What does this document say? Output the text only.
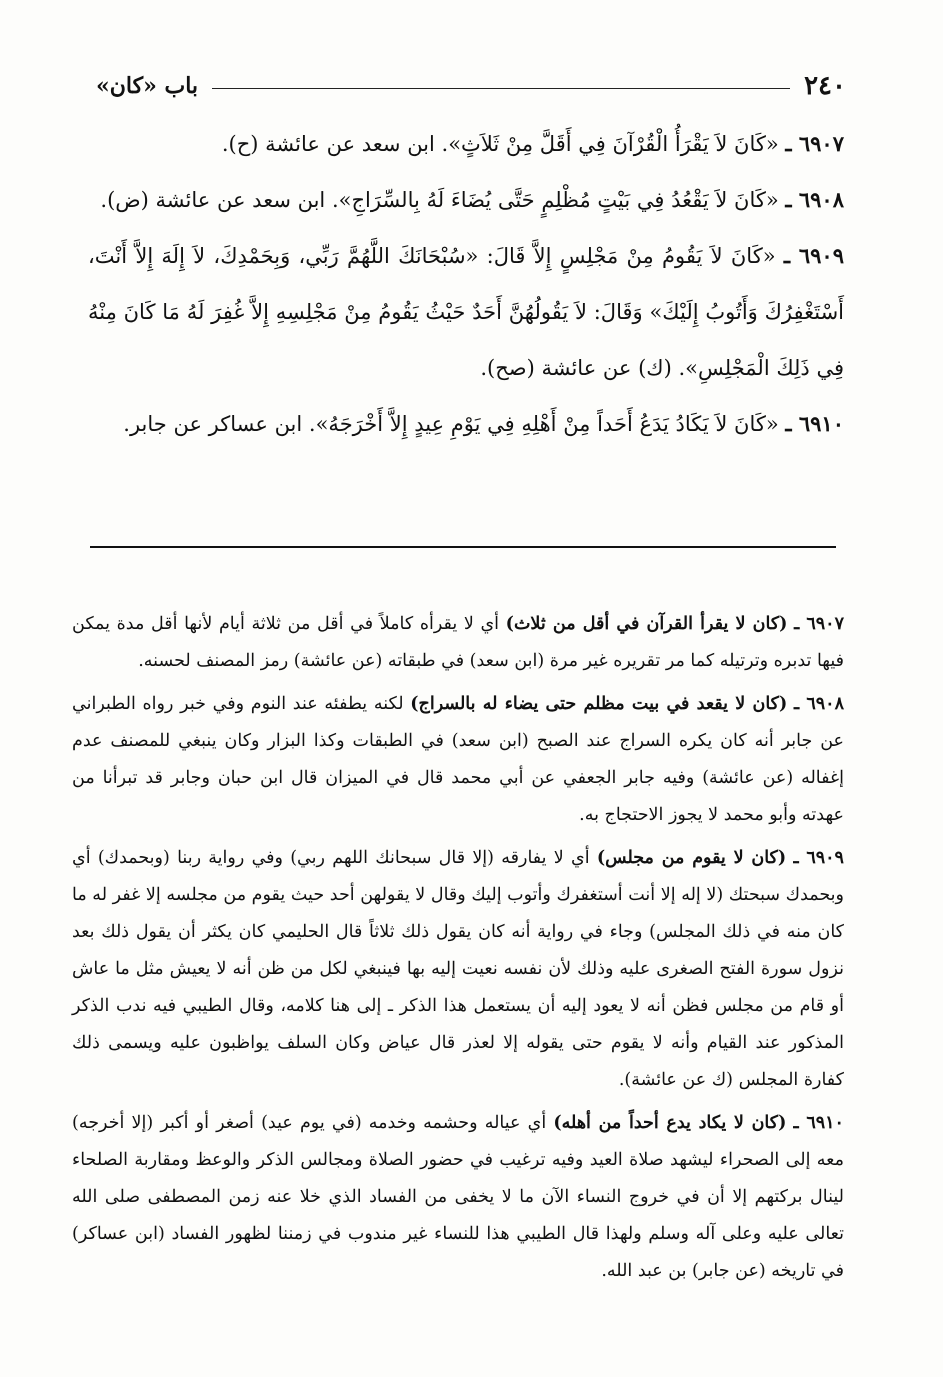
٢٤٠
باب «كان»

٦٩٠٧ ـ «كَانَ لاَ يَقْرَأُ الْقُرْآنَ فِي أَقَلَّ مِنْ ثَلاَثٍ». ابن سعد عن عائشة (ح).

٦٩٠٨ ـ «كَانَ لاَ يَقْعُدُ فِي بَيْتٍ مُظْلِمٍ حَتَّى يُضَاءَ لَهُ بِالسِّرَاجِ». ابن سعد عن عائشة (ض).

٦٩٠٩ ـ «كَانَ لاَ يَقُومُ مِنْ مَجْلِسٍ إِلاَّ قَالَ: «سُبْحَانَكَ اللَّهُمَّ رَبِّي، وَبِحَمْدِكَ، لاَ إِلَهَ إِلاَّ أَنْتَ، أَسْتَغْفِرُكَ وَأَتُوبُ إِلَيْكَ» وَقَالَ: لاَ يَقُولُهُنَّ أَحَدٌ حَيْثُ يَقُومُ مِنْ مَجْلِسِهِ إِلاَّ غُفِرَ لَهُ مَا كَانَ مِنْهُ فِي ذَلِكَ الْمَجْلِسِ». (ك) عن عائشة (صح).

٦٩١٠ ـ «كَانَ لاَ يَكَادُ يَدَعُ أَحَداً مِنْ أَهْلِهِ فِي يَوْمِ عِيدٍ إِلاَّ أَخْرَجَهُ». ابن عساكر عن جابر.

٦٩٠٧ ـ (كان لا يقرأ القرآن في أقل من ثلاث) أي لا يقرأه كاملاً في أقل من ثلاثة أيام لأنها أقل مدة يمكن فيها تدبره وترتيله كما مر تقريره غير مرة (ابن سعد) في طبقاته (عن عائشة) رمز المصنف لحسنه.

٦٩٠٨ ـ (كان لا يقعد في بيت مظلم حتى يضاء له بالسراج) لكنه يطفئه عند النوم وفي خبر رواه الطبراني عن جابر أنه كان يكره السراج عند الصبح (ابن سعد) في الطبقات وكذا البزار وكان ينبغي للمصنف عدم إغفاله (عن عائشة) وفيه جابر الجعفي عن أبي محمد قال في الميزان قال ابن حبان وجابر قد تبرأنا من عهدته وأبو محمد لا يجوز الاحتجاج به.

٦٩٠٩ ـ (كان لا يقوم من مجلس) أي لا يفارقه (إلا قال سبحانك اللهم ربي) وفي رواية ربنا (وبحمدك) أي وبحمدك سبحتك (لا إله إلا أنت أستغفرك وأتوب إليك وقال لا يقولهن أحد حيث يقوم من مجلسه إلا غفر له ما كان منه في ذلك المجلس) وجاء في رواية أنه كان يقول ذلك ثلاثاً قال الحليمي كان يكثر أن يقول ذلك بعد نزول سورة الفتح الصغرى عليه وذلك لأن نفسه نعيت إليه بها فينبغي لكل من ظن أنه لا يعيش مثل ما عاش أو قام من مجلس فظن أنه لا يعود إليه أن يستعمل هذا الذكر ـ إلى هنا كلامه، وقال الطيبي فيه ندب الذكر المذكور عند القيام وأنه لا يقوم حتى يقوله إلا لعذر قال عياض وكان السلف يواظبون عليه ويسمى ذلك كفارة المجلس (ك عن عائشة).

٦٩١٠ ـ (كان لا يكاد يدع أحداً من أهله) أي عياله وحشمه وخدمه (في يوم عيد) أصغر أو أكبر (إلا أخرجه) معه إلى الصحراء ليشهد صلاة العيد وفيه ترغيب في حضور الصلاة ومجالس الذكر والوعظ ومقاربة الصلحاء لينال بركتهم إلا أن في خروج النساء الآن ما لا يخفى من الفساد الذي خلا عنه زمن المصطفى صلى الله تعالى عليه وعلى آله وسلم ولهذا قال الطيبي هذا للنساء غير مندوب في زمننا لظهور الفساد (ابن عساكر) في تاريخه (عن جابر) بن عبد الله.
